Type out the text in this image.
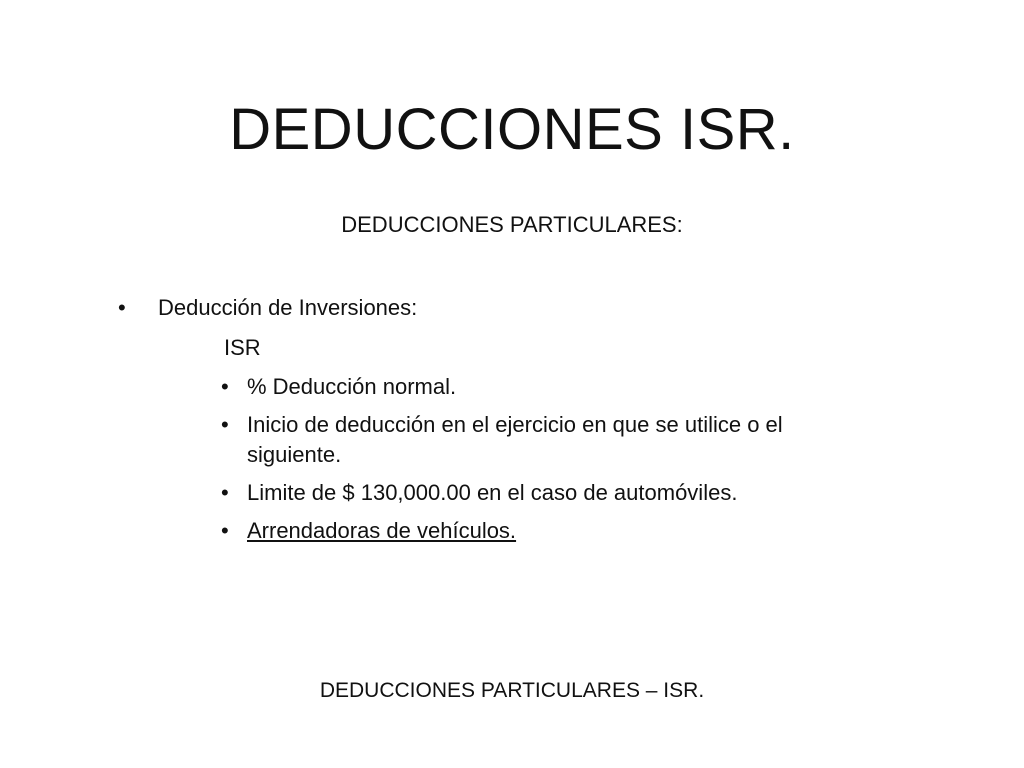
DEDUCCIONES ISR.
DEDUCCIONES PARTICULARES:
• Deducción de Inversiones:
ISR
• % Deducción normal.
• Inicio de deducción en el ejercicio en que se utilice o el siguiente.
• Limite de $ 130,000.00 en el caso de automóviles.
• Arrendadoras de vehículos.
DEDUCCIONES PARTICULARES – ISR.
